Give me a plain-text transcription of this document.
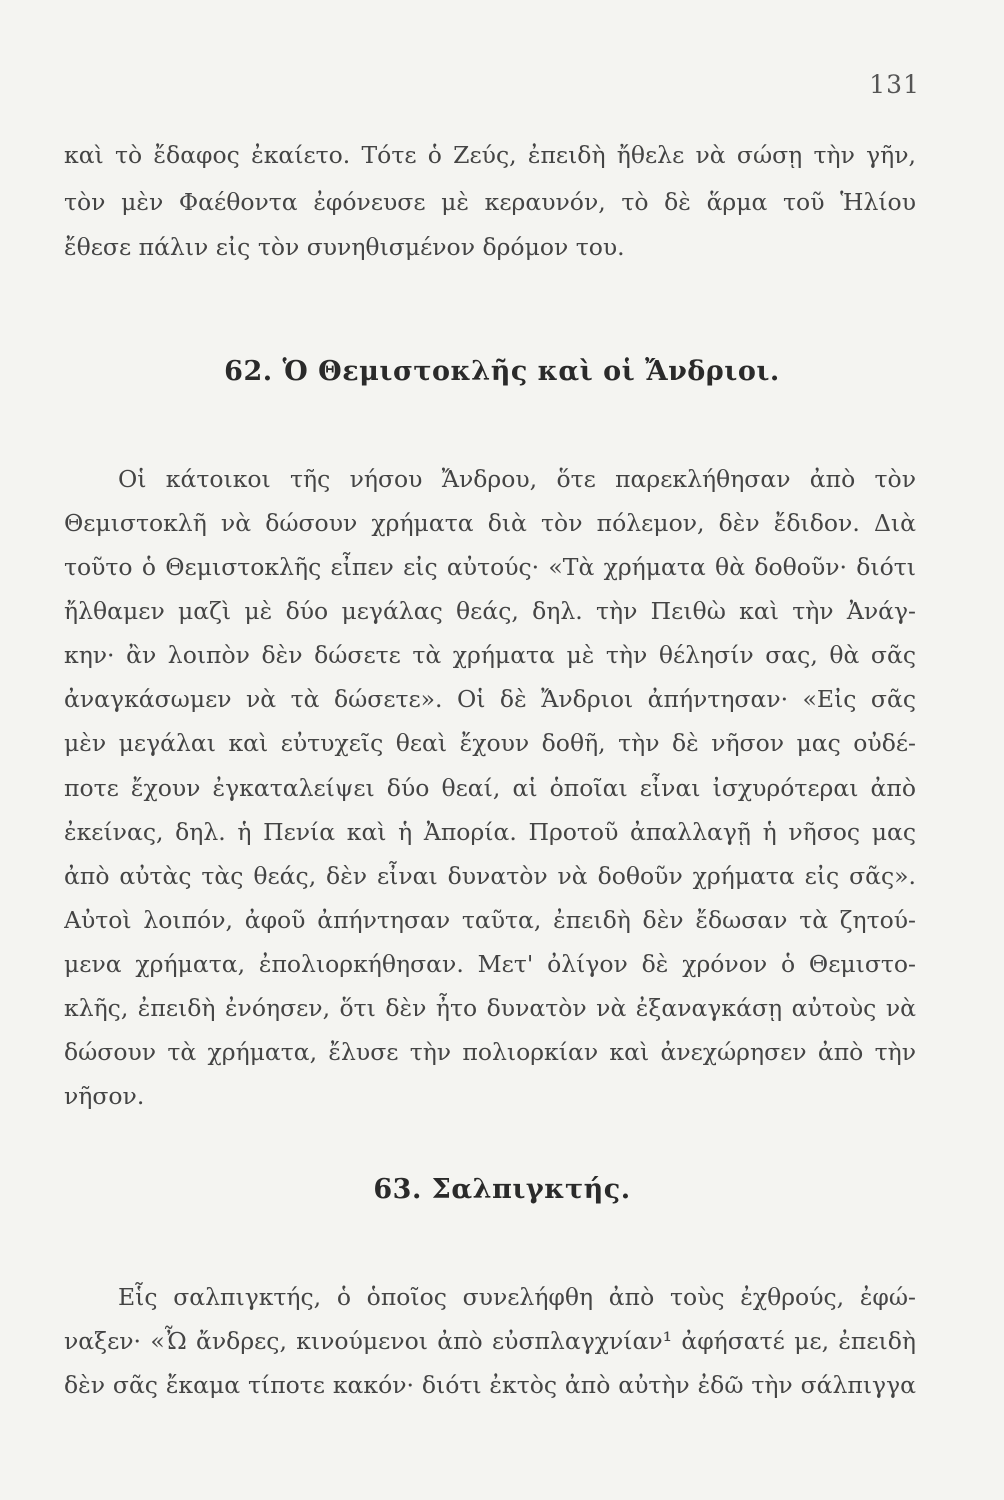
131
καὶ τὸ ἔδαφος ἐκαίετο. Τότε ὁ Ζεύς, ἐπειδὴ ἤθελε νὰ σώσῃ τὴν γῆν,
τὸν μὲν Φαέθοντα ἐφόνευσε μὲ κεραυνόν, τὸ δὲ ἅρμα τοῦ Ἡλίου
ἔθεσε πάλιν εἰς τὸν συνηθισμένον δρόμον του.
62. Ὁ Θεμιστοκλῆς καὶ οἱ Ἄνδριοι.
Οἱ κάτοικοι τῆς νήσου Ἄνδρου, ὅτε παρεκλήθησαν ἀπὸ τὸν
Θεμιστοκλῆ νὰ δώσουν χρήματα διὰ τὸν πόλεμον, δὲν ἔδιδον. Διὰ
τοῦτο ὁ Θεμιστοκλῆς εἶπεν εἰς αὐτούς· «Τὰ χρήματα θὰ δοθοῦν· διότι
ἤλθαμεν μαζὶ μὲ δύο μεγάλας θεάς, δηλ. τὴν Πειθὼ καὶ τὴν Ἀνάγ-
κην· ἂν λοιπὸν δὲν δώσετε τὰ χρήματα μὲ τὴν θέλησίν σας, θὰ σᾶς
ἀναγκάσωμεν νὰ τὰ δώσετε». Οἱ δὲ Ἄνδριοι ἀπήντησαν· «Εἰς σᾶς
μὲν μεγάλαι καὶ εὐτυχεῖς θεαὶ ἔχουν δοθῆ, τὴν δὲ νῆσον μας οὐδέ-
ποτε ἔχουν ἐγκαταλείψει δύο θεαί, αἱ ὁποῖαι εἶναι ἰσχυρότεραι ἀπὸ
ἐκείνας, δηλ. ἡ Πενία καὶ ἡ Ἀπορία. Προτοῦ ἀπαλλαγῇ ἡ νῆσος μας
ἀπὸ αὐτὰς τὰς θεάς, δὲν εἶναι δυνατὸν νὰ δοθοῦν χρήματα εἰς σᾶς».
Αὐτοὶ λοιπόν, ἀφοῦ ἀπήντησαν ταῦτα, ἐπειδὴ δὲν ἔδωσαν τὰ ζητού-
μενα χρήματα, ἐπολιορκήθησαν. Μετ' ὀλίγον δὲ χρόνον ὁ Θεμιστο-
κλῆς, ἐπειδὴ ἐνόησεν, ὅτι δὲν ἦτο δυνατὸν νὰ ἐξαναγκάσῃ αὐτοὺς νὰ
δώσουν τὰ χρήματα, ἔλυσε τὴν πολιορκίαν καὶ ἀνεχώρησεν ἀπὸ τὴν
νῆσον.
63. Σαλπιγκτής.
Εἷς σαλπιγκτής, ὁ ὁποῖος συνελήφθη ἀπὸ τοὺς ἐχθρούς, ἐφώ-
ναξεν· «Ὦ ἄνδρες, κινούμενοι ἀπὸ εὐσπλαγχνίαν¹ ἀφήσατέ με, ἐπειδὴ
δὲν σᾶς ἔκαμα τίποτε κακόν· διότι ἐκτὸς ἀπὸ αὐτὴν ἐδῶ τὴν σάλπιγγα
